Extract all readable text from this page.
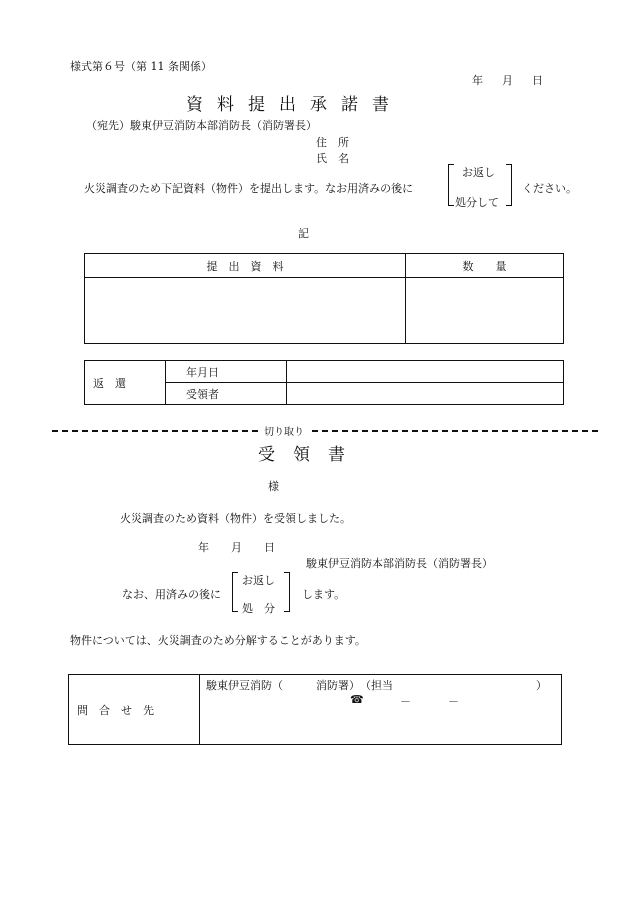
様式第６号（第 11 条関係）
年　月　日
資料提出承諾書
（宛先）駿東伊豆消防本部消防長（消防署長）
住　所
氏　名
火災調査のため下記資料（物件）を提出します。なお用済みの後に
お返し
処分して
ください。
記
提　出　資　料	数　　量

返　還	年月日	
	受領者	
切り取り
受領書
様
火災調査のため資料（物件）を受領しました。
年　　月　　日
駿東伊豆消防本部消防長（消防署長）
なお、用済みの後に
お返し
処　分
します。
物件については、火災調査のため分解することがあります。
問　合　せ　先	
駿東伊豆消防（　　　消防署）　（担当　　　　　　　　　　　　　）
☎	－	－
